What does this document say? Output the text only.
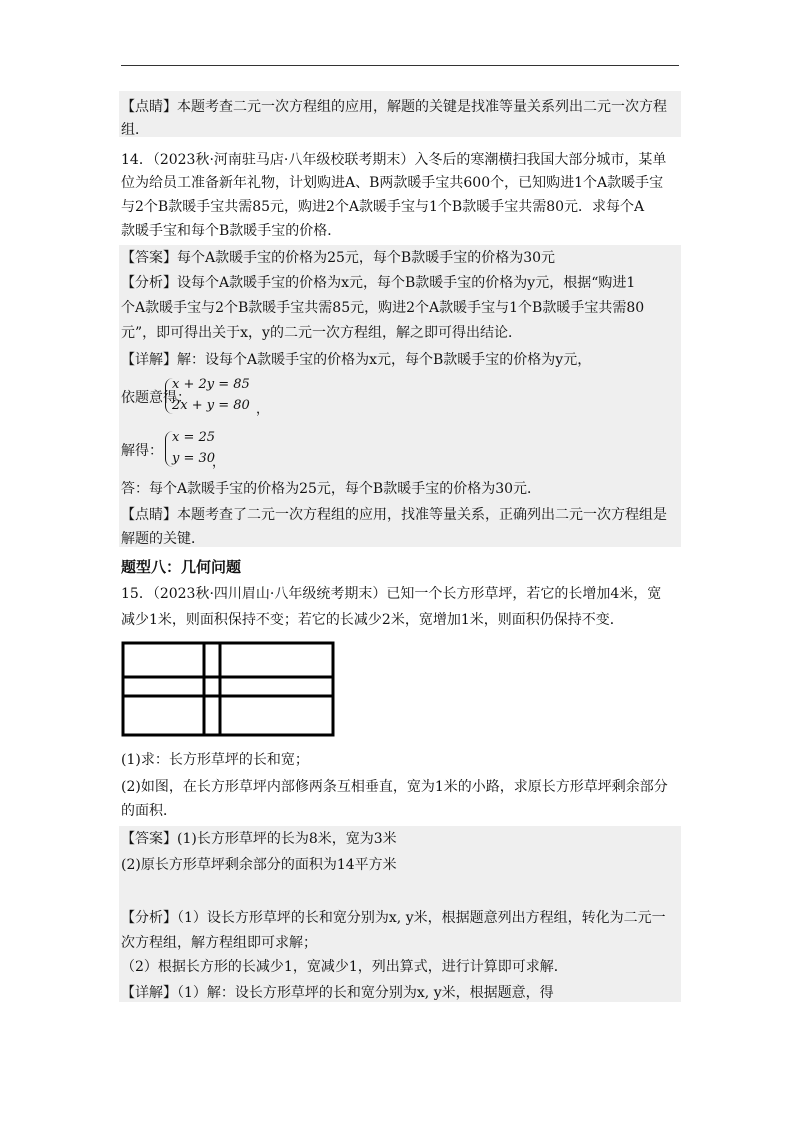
【点睛】本题考查二元一次方程组的应用，解题的关键是找准等量关系列出二元一次方程
组．
14．（2023秋·河南驻马店·八年级校联考期末）入冬后的寒潮横扫我国大部分城市，某单
位为给员工准备新年礼物，计划购进A、B两款暖手宝共600个，已知购进1个A款暖手宝
与2个B款暖手宝共需85元，购进2个A款暖手宝与1个B款暖手宝共需80元．求每个A
款暖手宝和每个B款暖手宝的价格．
【答案】每个A款暖手宝的价格为25元，每个B款暖手宝的价格为30元
【分析】设每个A款暖手宝的价格为x元，每个B款暖手宝的价格为y元，根据“购进1
个A款暖手宝与2个B款暖手宝共需85元，购进2个A款暖手宝与1个B款暖手宝共需80
元”，即可得出关于x，y的二元一次方程组，解之即可得出结论．
【详解】解：设每个A款暖手宝的价格为x元，每个B款暖手宝的价格为y元，
依题意得：
x + 2y = 85
2x + y = 80 ，
解得：
x = 25
y = 30
，
答：每个A款暖手宝的价格为25元，每个B款暖手宝的价格为30元．
【点睛】本题考查了二元一次方程组的应用，找准等量关系，正确列出二元一次方程组是
解题的关键．
题型八：几何问题
15．（2023秋·四川眉山·八年级统考期末）已知一个长方形草坪，若它的长增加4米，宽
减少1米，则面积保持不变；若它的长减少2米，宽增加1米，则面积仍保持不变．
(1)求：长方形草坪的长和宽；
(2)如图，在长方形草坪内部修两条互相垂直，宽为1米的小路，求原长方形草坪剩余部分
的面积．
【答案】(1)长方形草坪的长为8米，宽为3米
(2)原长方形草坪剩余部分的面积为14平方米
【分析】（1）设长方形草坪的长和宽分别为x, y米，根据题意列出方程组，转化为二元一
次方程组，解方程组即可求解；
（2）根据长方形的长减少1，宽减少1，列出算式，进行计算即可求解．
【详解】（1）解：设长方形草坪的长和宽分别为x, y米，根据题意，得
